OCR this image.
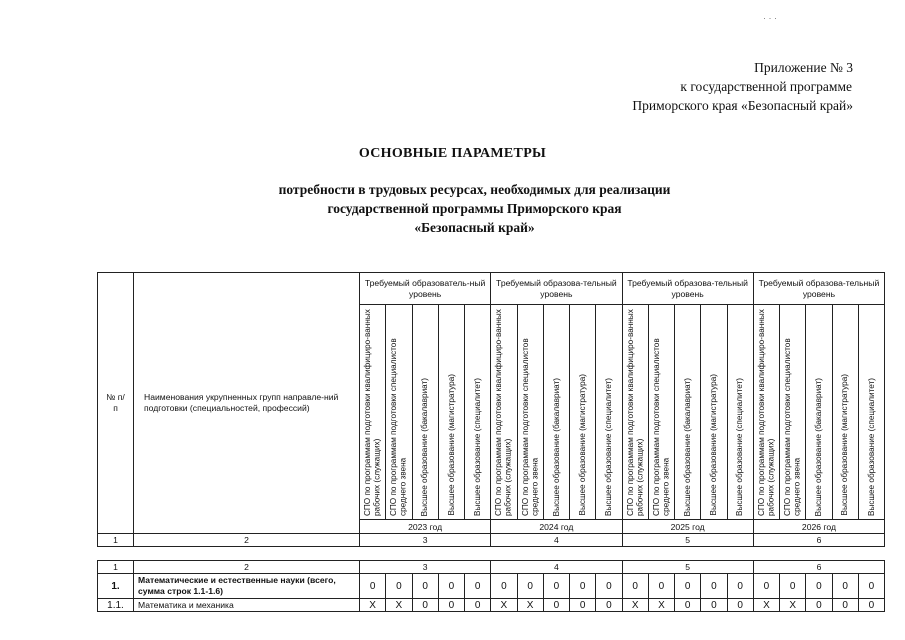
· · ·
Приложение № 3
к государственной программе
Приморского края «Безопасный край»
ОСНОВНЫЕ ПАРАМЕТРЫ
потребности в трудовых ресурсах, необходимых для реализации
государственной программы Приморского края
«Безопасный край»
№ п/п	Наименования укрупненных групп направле-ний подготовки (специальностей, профессий)	Требуемый образователь-ный уровень					Требуемый образова-тельный уровень					Требуемый образова-тельный уровень					Требуемый образова-тельный уровень				

		СПО по программам подготовки квалифициро-ванных рабочих (служащих)	СПО по программам подготовки специалистов среднего звена	Высшее образование (бакалавриат)	Высшее образование (магистратура)	Высшее образование (специалитет)	СПО по программам подготовки квалифициро-ванных рабочих (служащих)	СПО по программам подготовки специалистов среднего звена	Высшее образование (бакалавриат)	Высшее образование (магистратура)	Высшее образование (специалитет)	СПО по программам подготовки квалифициро-ванных рабочих (служащих)	СПО по программам подготовки специалистов среднего звена	Высшее образование (бакалавриат)	Высшее образование (магистратура)	Высшее образование (специалитет)	СПО по программам подготовки квалифициро-ванных рабочих (служащих)	СПО по программам подготовки специалистов среднего звена	Высшее образование (бакалавриат)	Высшее образование (магистратура)	Высшее образование (специалитет)

		2023 год					2024 год					2025 год					2026 год				
1	2	3					4					5					6				

1	2	3					4					5					6				
1.	Математические и естественные науки (всего, сумма строк 1.1-1.6)	0	0	0	0	0	0	0	0	0	0	0	0	0	0	0	0	0	0	0	0
1.1.	Математика и механика	Х	Х	0	0	0	Х	Х	0	0	0	Х	Х	0	0	0	Х	Х	0	0	0
